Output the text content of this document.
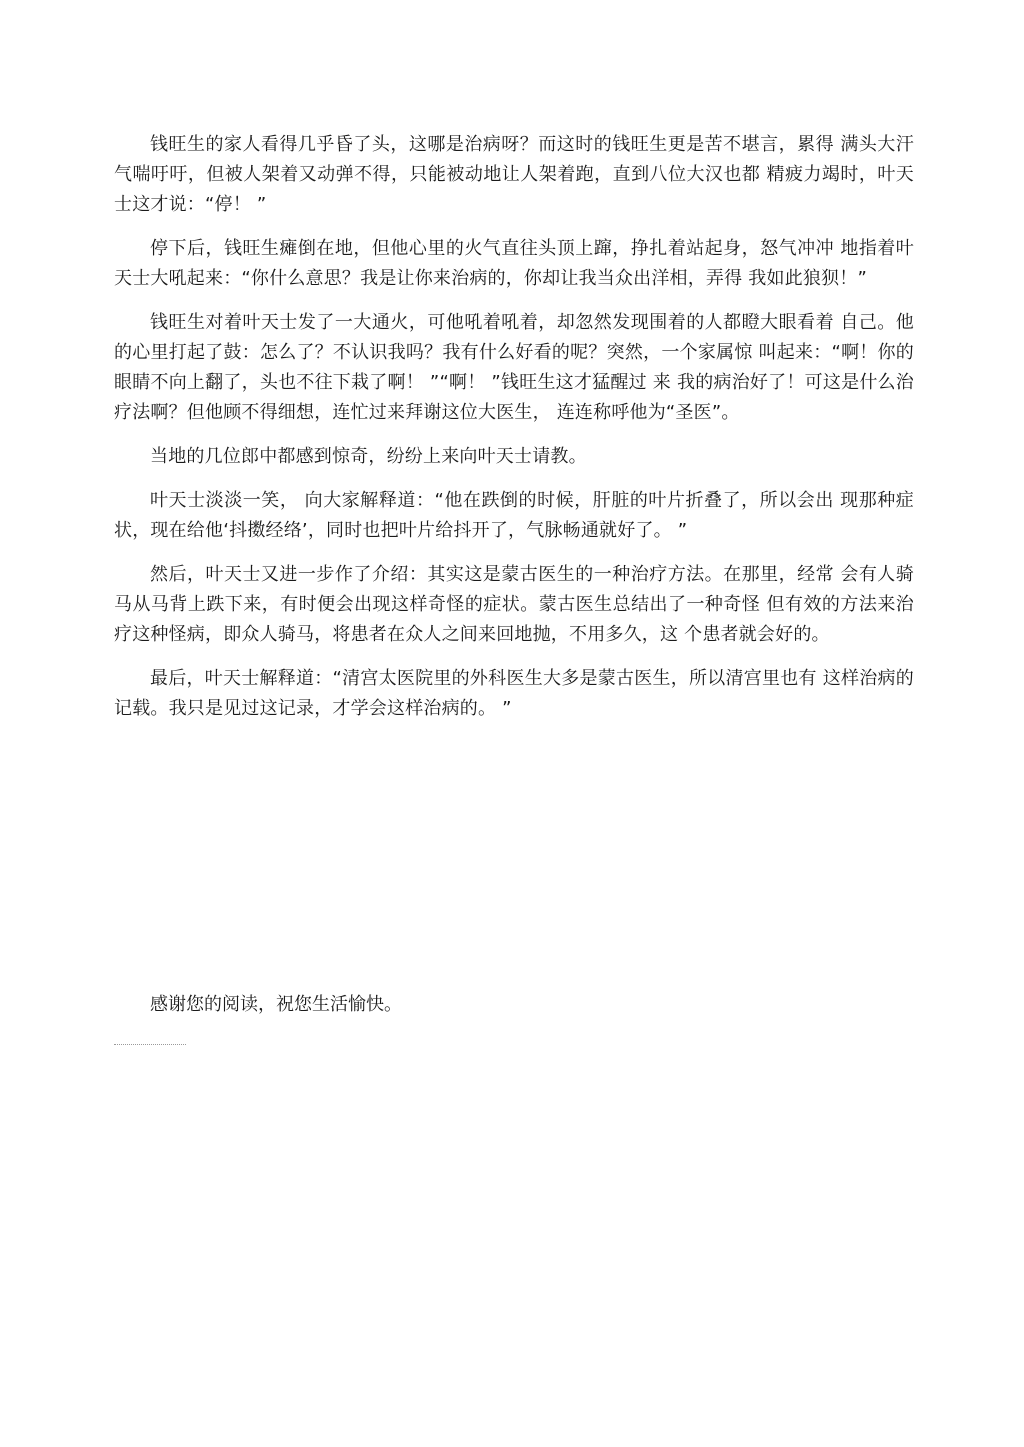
钱旺生的家人看得几乎昏了头，这哪是治病呀？而这时的钱旺生更是苦不堪言，累得 满头大汗气喘吁吁，但被人架着又动弹不得，只能被动地让人架着跑，直到八位大汉也都 精疲力竭时，叶天士这才说：“停！ ”

停下后，钱旺生瘫倒在地，但他心里的火气直往头顶上蹿，挣扎着站起身，怒气冲冲 地指着叶天士大吼起来：“你什么意思？我是让你来治病的，你却让我当众出洋相，弄得 我如此狼狈！”

钱旺生对着叶天士发了一大通火，可他吼着吼着，却忽然发现围着的人都瞪大眼看着 自己。他的心里打起了鼓：怎么了？不认识我吗？我有什么好看的呢？突然，一个家属惊 叫起来：“啊！你的眼睛不向上翻了，头也不往下栽了啊！ ”“啊！ ”钱旺生这才猛醒过 来 我的病治好了！可这是什么治疗法啊？但他顾不得细想，连忙过来拜谢这位大医生， 连连称呼他为“圣医”。

当地的几位郎中都感到惊奇，纷纷上来向叶天士请教。

叶天士淡淡一笑， 向大家解释道：“他在跌倒的时候，肝脏的叶片折叠了，所以会出 现那种症状，现在给他‘抖擞经络’，同时也把叶片给抖开了，气脉畅通就好了。 ”

然后，叶天士又进一步作了介绍：其实这是蒙古医生的一种治疗方法。在那里，经常 会有人骑马从马背上跌下来，有时便会出现这样奇怪的症状。蒙古医生总结出了一种奇怪 但有效的方法来治疗这种怪病，即众人骑马，将患者在众人之间来回地抛，不用多久，这 个患者就会好的。

最后，叶天士解释道：“清宫太医院里的外科医生大多是蒙古医生，所以清宫里也有 这样治病的记载。我只是见过这记录，才学会这样治病的。 ”

感谢您的阅读，祝您生活愉快。
